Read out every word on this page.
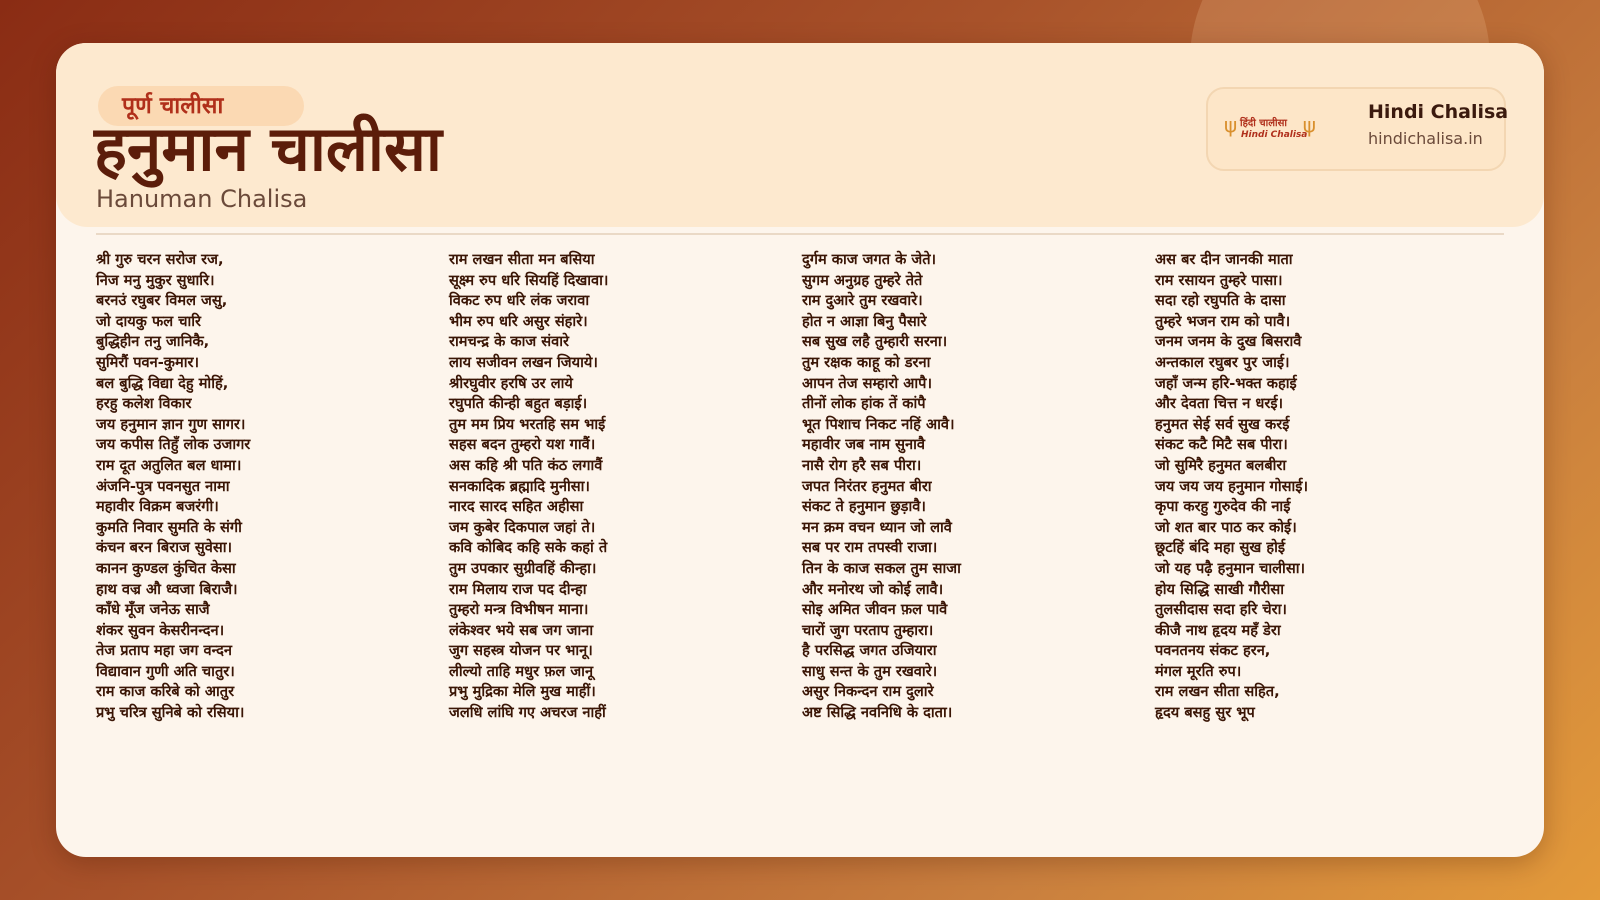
पूर्ण चालीसा
हनुमान चालीसा
Hanuman Chalisa
ψ हिंदी चालीसा
Hindi Chalisa
ψ
Hindi Chalisa
hindichalisa.in
श्री गुरु चरन सरोज रज,
निज मनु मुकुर सुधारि।
बरनउं रघुबर विमल जसु,
जो दायकु फल चारि
बुद्धिहीन तनु जानिकै,
सुमिरौं पवन-कुमार।
बल बुद्धि विद्या देहु मोहिं,
हरहु कलेश विकार
जय हनुमान ज्ञान गुण सागर।
जय कपीस तिहुँ लोक उजागर
राम दूत अतुलित बल धामा।
अंजनि-पुत्र पवनसुत नामा
महावीर विक्रम बजरंगी।
कुमति निवार सुमति के संगी
कंचन बरन बिराज सुवेसा।
कानन कुण्डल कुंचित केसा
हाथ वज्र औ ध्वजा बिराजै।
काँधे मूँज जनेऊ साजै
शंकर सुवन केसरीनन्दन।
तेज प्रताप महा जग वन्दन
विद्यावान गुणी अति चातुर।
राम काज करिबे को आतुर
प्रभु चरित्र सुनिबे को रसिया।
राम लखन सीता मन बसिया
सूक्ष्म रुप धरि सियहिं दिखावा।
विकट रुप धरि लंक जरावा
भीम रुप धरि असुर संहारे।
रामचन्द्र के काज संवारे
लाय सजीवन लखन जियाये।
श्रीरघुवीर हरषि उर लाये
रघुपति कीन्ही बहुत बड़ाई।
तुम मम प्रिय भरतहि सम भाई
सहस बदन तुम्हरो यश गावैं।
अस कहि श्री पति कंठ लगावैं
सनकादिक ब्रह्मादि मुनीसा।
नारद सारद सहित अहीसा
जम कुबेर दिकपाल जहां ते।
कवि कोबिद कहि सके कहां ते
तुम उपकार सुग्रीवहिं कीन्हा।
राम मिलाय राज पद दीन्हा
तुम्हरो मन्त्र विभीषन माना।
लंकेश्वर भये सब जग जाना
जुग सहस्त्र योजन पर भानू।
लील्यो ताहि मधुर फ़ल जानू
प्रभु मुद्रिका मेलि मुख माहीं।
जलधि लांघि गए अचरज नाहीं
दुर्गम काज जगत के जेते।
सुगम अनुग्रह तुम्हरे तेते
राम दुआरे तुम रखवारे।
होत न आज्ञा बिनु पैसारे
सब सुख लहै तुम्हारी सरना।
तुम रक्षक काहू को डरना
आपन तेज सम्हारो आपै।
तीनों लोक हांक तें कांपै
भूत पिशाच निकट नहिं आवै।
महावीर जब नाम सुनावै
नासै रोग हरै सब पीरा।
जपत निरंतर हनुमत बीरा
संकट ते हनुमान छुड़ावै।
मन क्रम वचन ध्यान जो लावै
सब पर राम तपस्वी राजा।
तिन के काज सकल तुम साजा
और मनोरथ जो कोई लावै।
सोइ अमित जीवन फ़ल पावै
चारों जुग परताप तुम्हारा।
है परसिद्ध जगत उजियारा
साधु सन्त के तुम रखवारे।
असुर निकन्दन राम दुलारे
अष्ट सिद्धि नवनिधि के दाता।
अस बर दीन जानकी माता
राम रसायन तुम्हरे पासा।
सदा रहो रघुपति के दासा
तुम्हरे भजन राम को पावै।
जनम जनम के दुख बिसरावै
अन्तकाल रघुबर पुर जाई।
जहाँ जन्म हरि-भक्त कहाई
और देवता चित्त न धरई।
हनुमत सेई सर्व सुख करई
संकट कटै मिटै सब पीरा।
जो सुमिरै हनुमत बलबीरा
जय जय जय हनुमान गोसाई।
कृपा करहु गुरुदेव की नाई
जो शत बार पाठ कर कोई।
छूटहिं बंदि महा सुख होई
जो यह पढ़ै हनुमान चालीसा।
होय सिद्धि साखी गौरीसा
तुलसीदास सदा हरि चेरा।
कीजै नाथ हृदय महँ डेरा
पवनतनय संकट हरन,
मंगल मूरति रुप।
राम लखन सीता सहित,
हृदय बसहु सुर भूप
